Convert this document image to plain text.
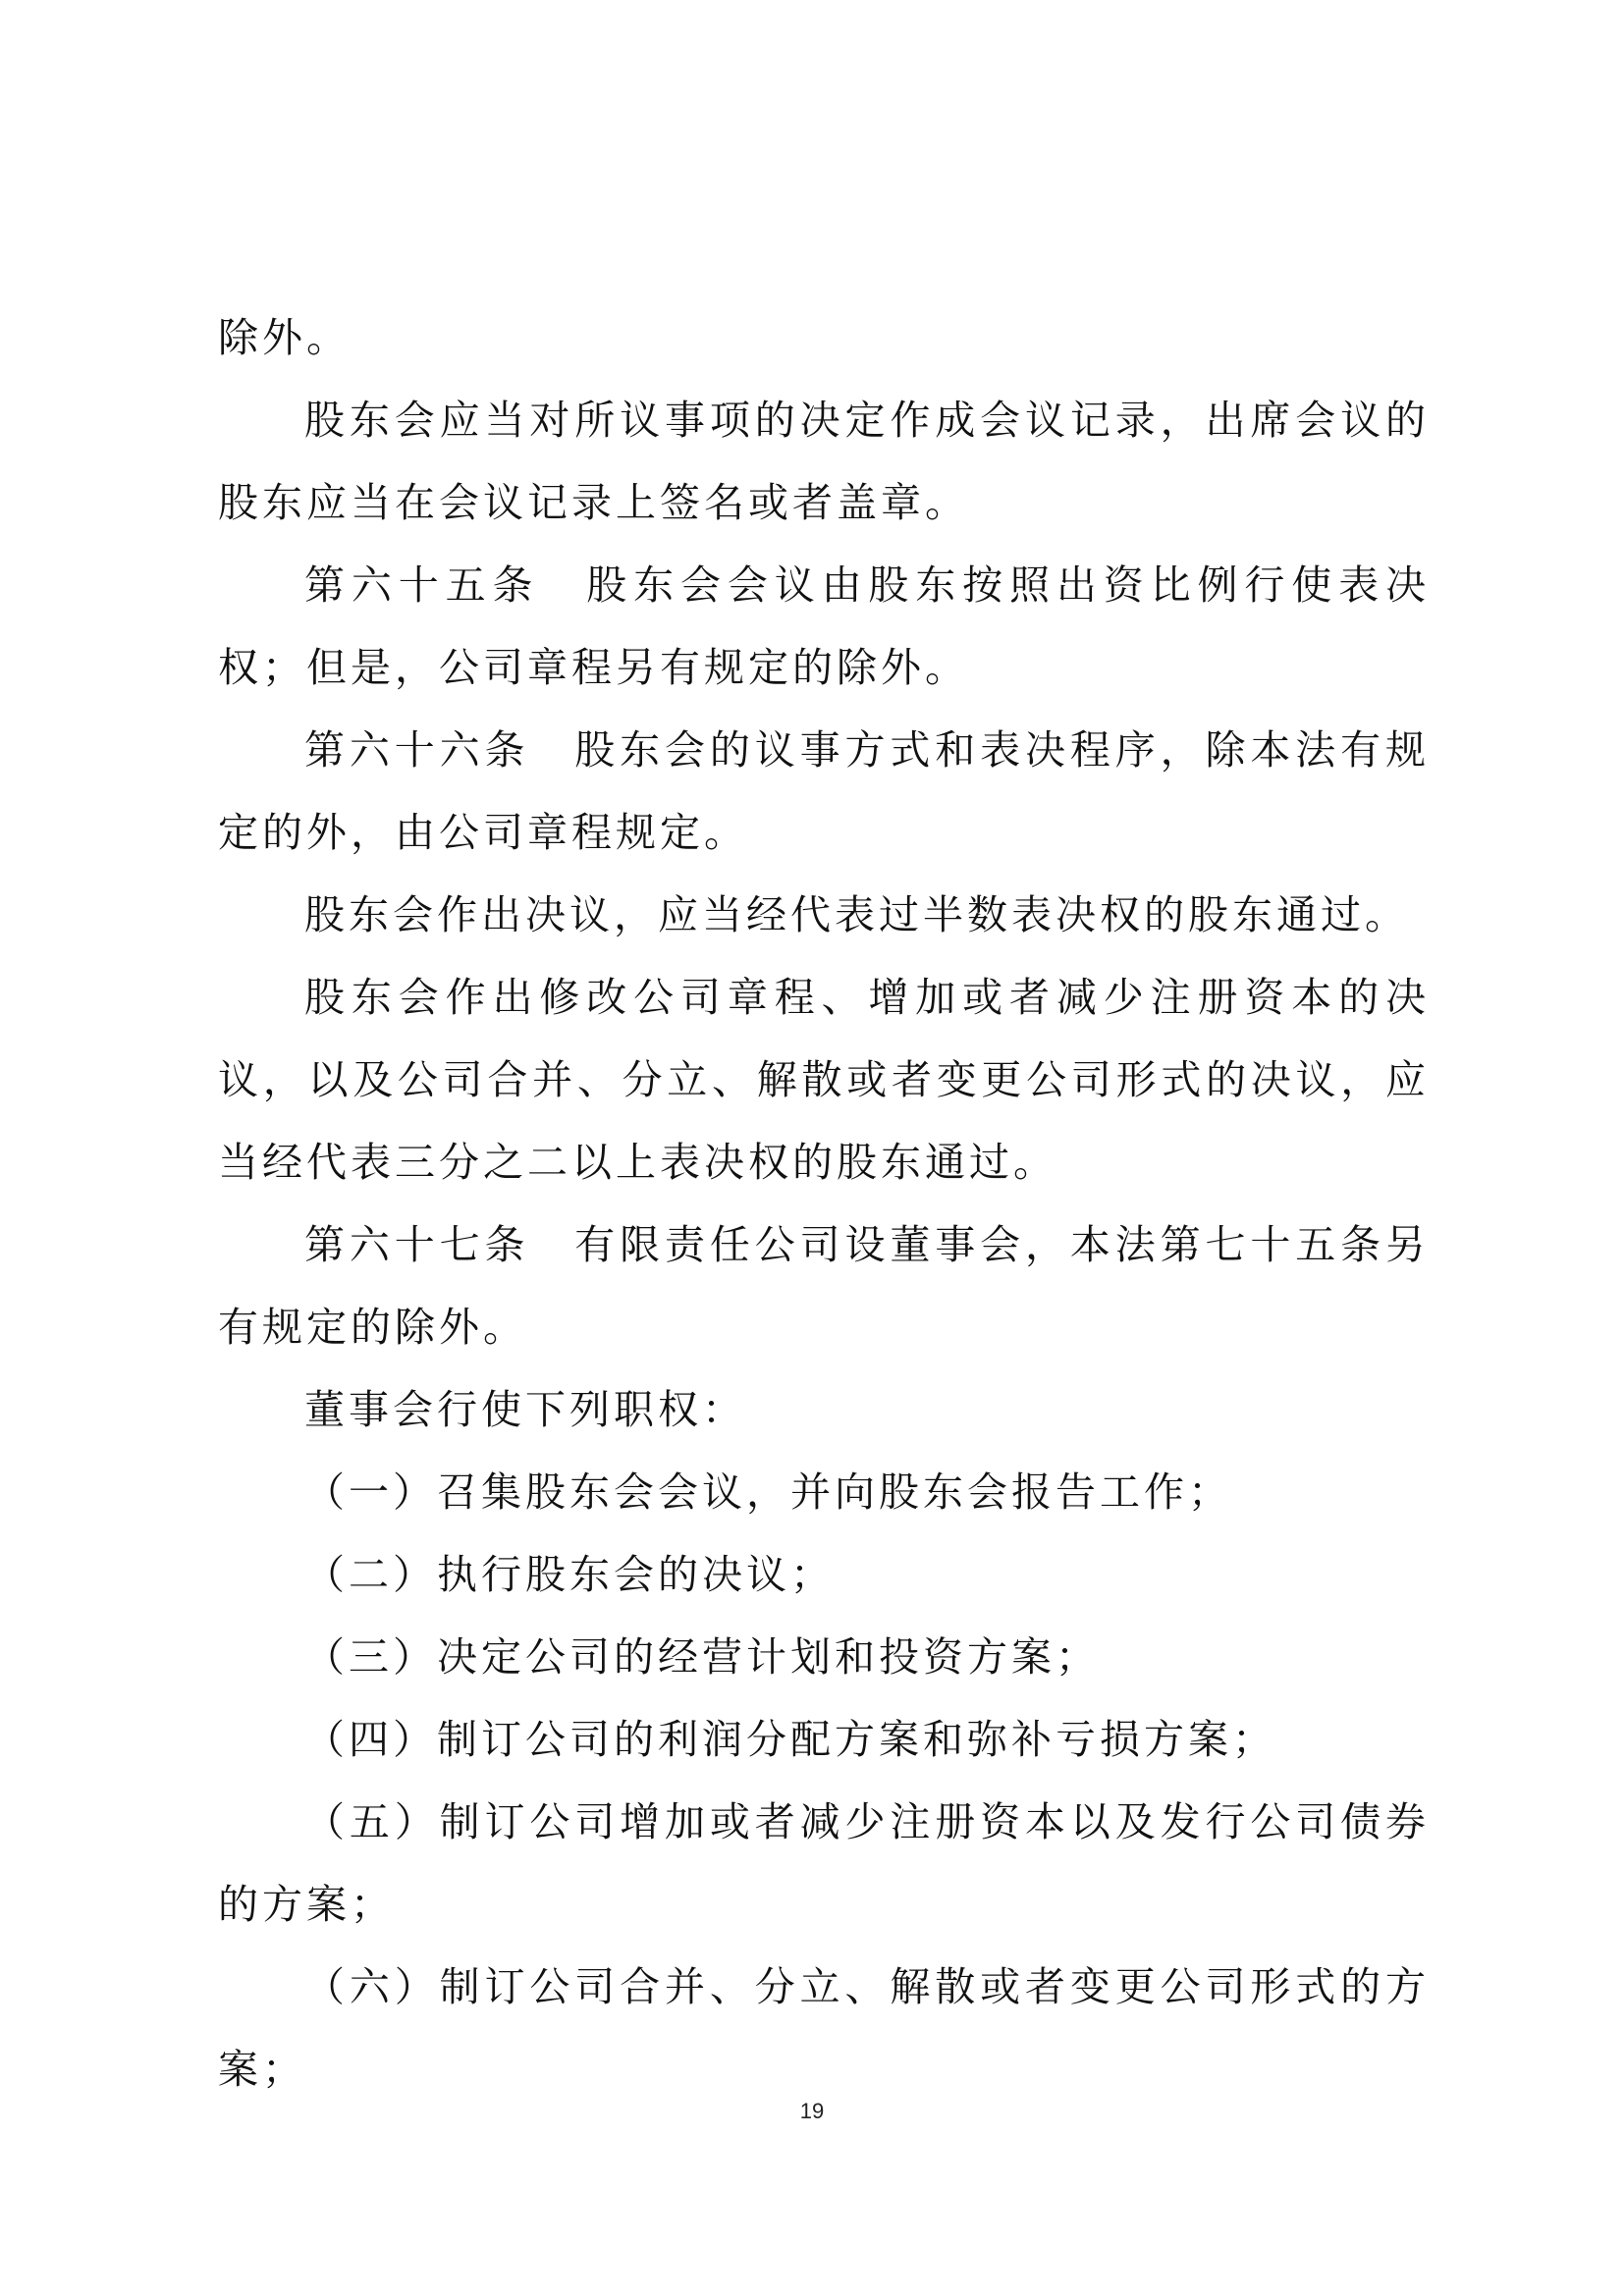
除外。

股东会应当对所议事项的决定作成会议记录，出席会议的股东应当在会议记录上签名或者盖章。

第六十五条　股东会会议由股东按照出资比例行使表决权；但是，公司章程另有规定的除外。

第六十六条　股东会的议事方式和表决程序，除本法有规定的外，由公司章程规定。

股东会作出决议，应当经代表过半数表决权的股东通过。

股东会作出修改公司章程、增加或者减少注册资本的决议，以及公司合并、分立、解散或者变更公司形式的决议，应当经代表三分之二以上表决权的股东通过。

第六十七条　有限责任公司设董事会，本法第七十五条另有规定的除外。

董事会行使下列职权：

（一）召集股东会会议，并向股东会报告工作；

（二）执行股东会的决议；

（三）决定公司的经营计划和投资方案；

（四）制订公司的利润分配方案和弥补亏损方案；

（五）制订公司增加或者减少注册资本以及发行公司债券的方案；

（六）制订公司合并、分立、解散或者变更公司形式的方案；

19
